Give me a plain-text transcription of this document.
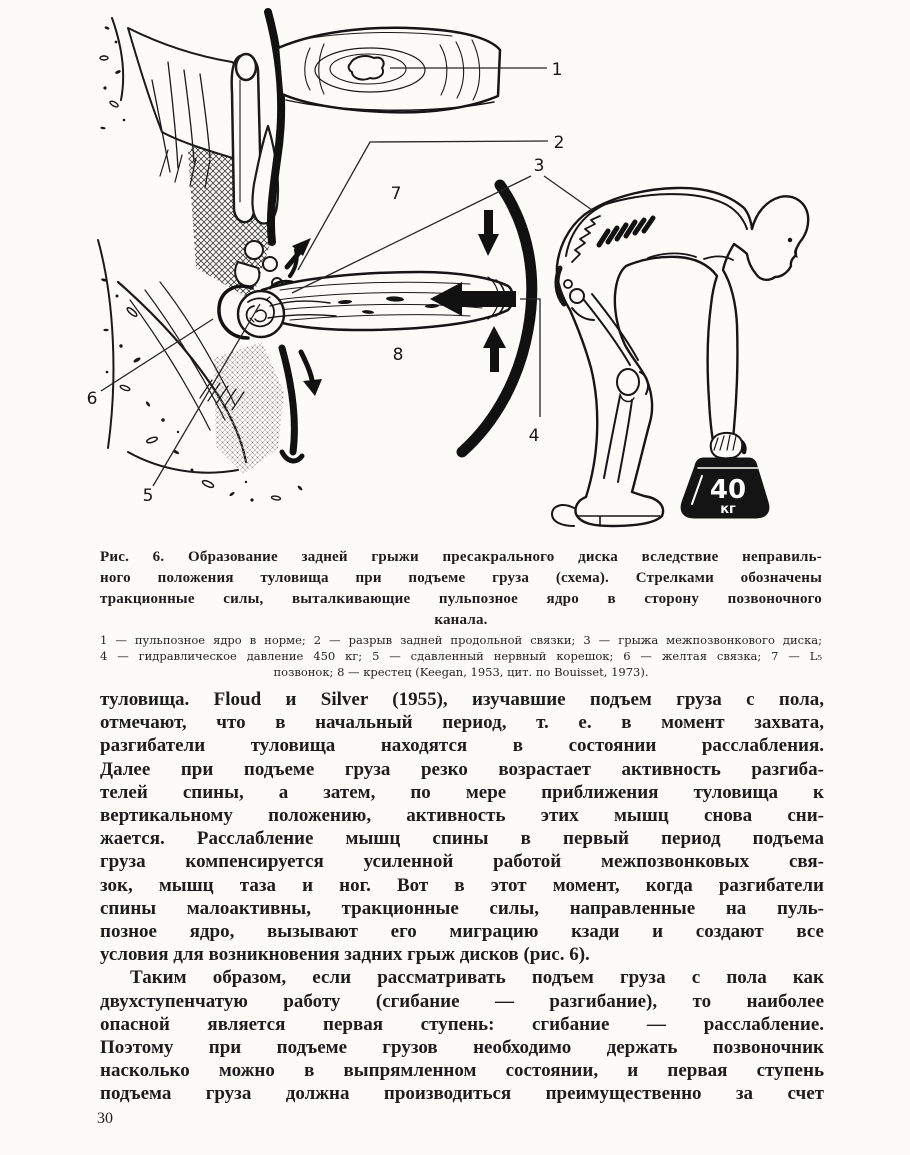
40
кг
1
2
3
4
5
6
7
8
Рис. 6. Образование задней грыжи пресакрального диска вследствие неправиль-
ного положения туловища при подъеме груза (схема). Стрелками обозначены
тракционные силы, выталкивающие пульпозное ядро в сторону позвоночного
канала.
1 — пульпозное ядро в норме; 2 — разрыв задней продольной связки; 3 — грыжа межпозвонкового диска;
4 — гидравлическое давление 450 кг; 5 — сдавленный нервный корешок; 6 — желтая связка; 7 — L₅
позвонок; 8 — крестец (Keegan, 1953, цит. по Bouisset, 1973).
туловища. Floud и Silver (1955), изучавшие подъем груза с пола,
отмечают, что в начальный период, т. е. в момент захвата,
разгибатели туловища находятся в состоянии расслабления.
Далее при подъеме груза резко возрастает активность разгиба-
телей спины, а затем, по мере приближения туловища к
вертикальному положению, активность этих мышц снова сни-
жается. Расслабление мышц спины в первый период подъема
груза компенсируется усиленной работой межпозвонковых свя-
зок, мышц таза и ног. Вот в этот момент, когда разгибатели
спины малоактивны, тракционные силы, направленные на пуль-
позное ядро, вызывают его миграцию кзади и создают все
условия для возникновения задних грыж дисков (рис. 6).
Таким образом, если рассматривать подъем груза с пола как
двухступенчатую работу (сгибание — разгибание), то наиболее
опасной является первая ступень: сгибание — расслабление.
Поэтому при подъеме грузов необходимо держать позвоночник
насколько можно в выпрямленном состоянии, и первая ступень
подъема груза должна производиться преимущественно за счет
30
